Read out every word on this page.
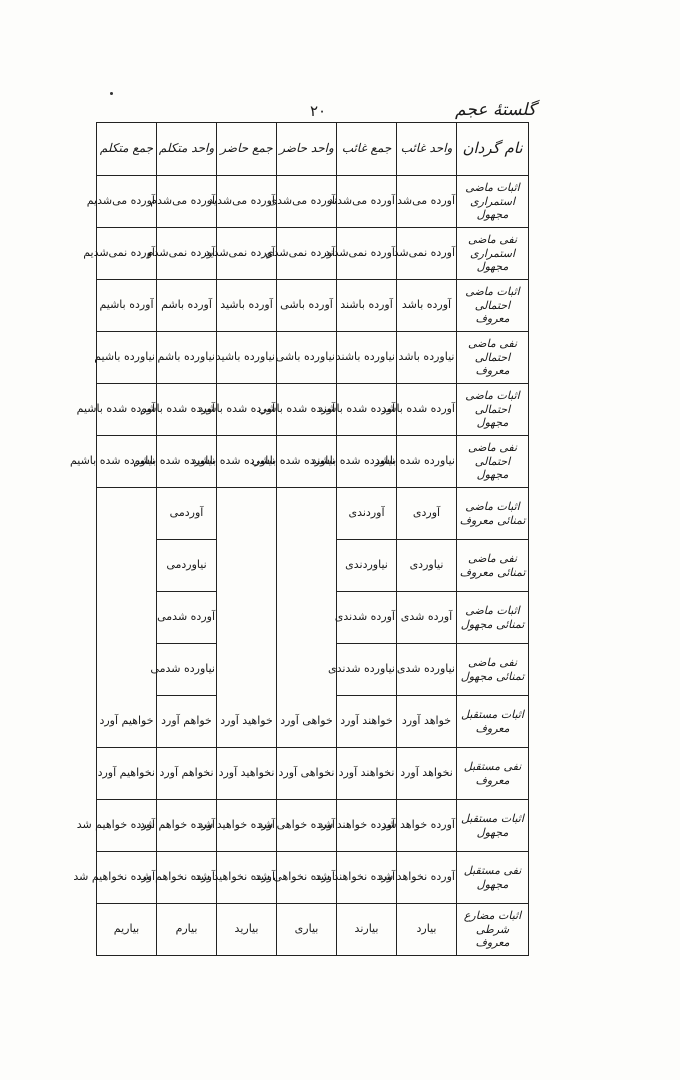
گلستهٔ عجم
۲۰
نام گردان	واحد غائب	جمع غائب	واحد حاضر	جمع حاضر	واحد متکلم	جمع متکلم
اثبات ماضی استمراری مجهول	آورده می‌شد	آورده می‌شدند	آورده می‌شدی	آورده می‌شدید	آورده می‌شدم	آورده می‌شدیم
نفی ماضی استمراری مجهول	آورده نمی‌شد	آورده نمی‌شدند	آورده نمی‌شدی	آورده نمی‌شدید	آورده نمی‌شدم	آورده نمی‌شدیم
اثبات ماضی احتمالی معروف	آورده باشد	آورده باشند	آورده باشی	آورده باشید	آورده باشم	آورده باشیم
نفی ماضی احتمالی معروف	نیاورده باشد	نیاورده باشند	نیاورده باشی	نیاورده باشید	نیاورده باشم	نیاورده باشیم
اثبات ماضی احتمالی مجهول	آورده شده باشد	آورده شده باشند	آورده شده باشی	آورده شده باشید	آورده شده باشم	آورده شده باشیم
نفی ماضی احتمالی مجهول	نیاورده شده باشد	نیاورده شده باشند	نیاورده شده باشی	نیاورده شده باشید	نیاورده شده باشم	نیاورده شده باشیم
اثبات ماضی تمنائی معروف	آوردی	آوردندی			آوردمی	
نفی ماضی تمنائی معروف	نیاوردی	نیاوردندی			نیاوردمی	
اثبات ماضی تمنائی مجهول	آورده شدی	آورده شدندی			آورده شدمی	
نفی ماضی تمنائی مجهول	نیاورده شدی	نیاورده شدندی			نیاورده شدمی	
اثبات مستقبل معروف	خواهد آورد	خواهند آورد	خواهی آورد	خواهید آورد	خواهم آورد	خواهیم آورد
نفی مستقبل معروف	نخواهد آورد	نخواهند آورد	نخواهی آورد	نخواهید آورد	نخواهم آورد	نخواهیم آورد
اثبات مستقبل مجهول	آورده خواهد شد	آورده خواهند شد	آورده خواهی شد	آورده خواهید شد	آورده خواهم شد	آورده خواهیم شد
نفی مستقبل مجهول	آورده نخواهد شد	آورده نخواهند شد	آورده نخواهی شد	آورده نخواهید شد	آورده نخواهم شد	آورده نخواهیم شد
اثبات مضارع شرطی معروف	بیارد	بیارند	بیاری	بیارید	بیارم	بیاریم
